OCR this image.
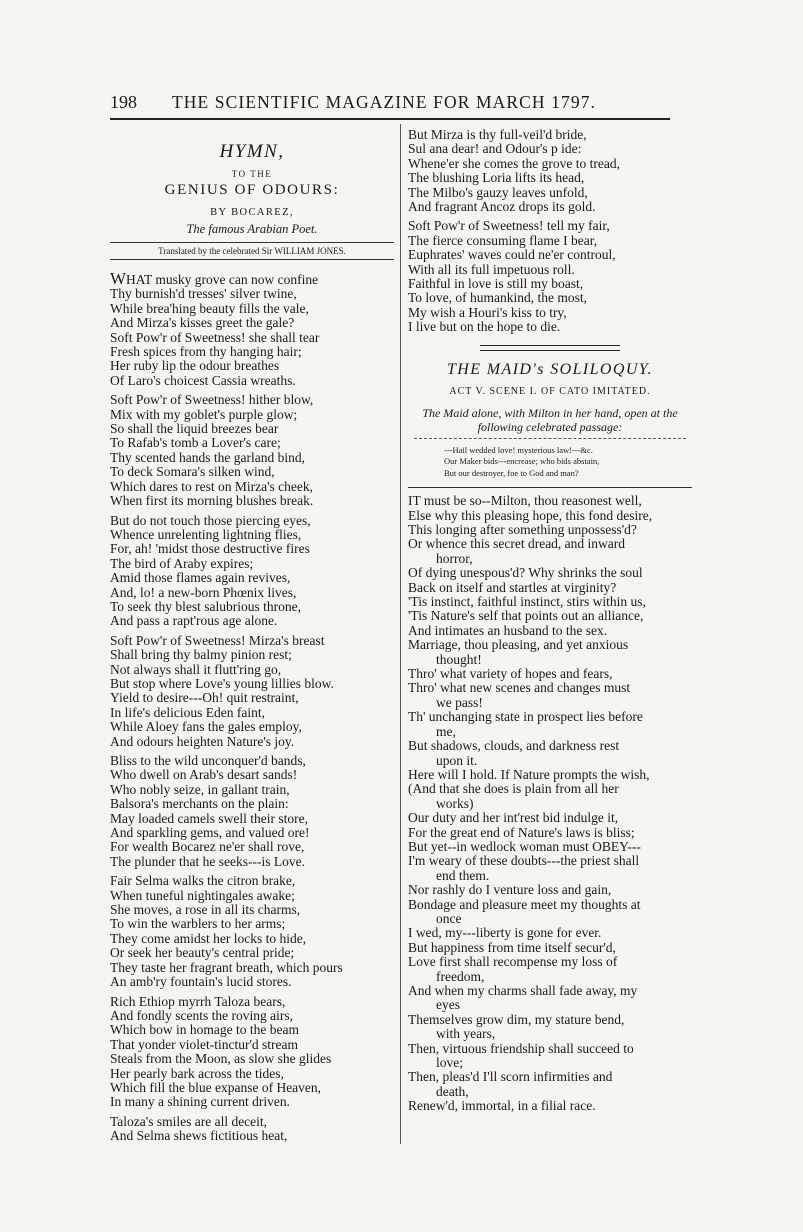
198 THE SCIENTIFIC MAGAZINE FOR MARCH 1797.
HYMN,
TO THE
GENIUS OF ODOURS:
BY BOCAREZ,
The famous Arabian Poet.
Translated by the celebrated Sir WILLIAM JONES.
WHAT musky grove can now confine
Thy burnish'd tresses' silver twine,
While brea'hing beauty fills the vale,
And Mirza's kisses greet the gale?
Soft Pow'r of Sweetness! she shall tear
Fresh spices from thy hanging hair;
Her ruby lip the odour breathes
Of Laro's choicest Cassia wreaths.
Soft Pow'r of Sweetness! hither blow,
Mix with my goblet's purple glow;
So shall the liquid breezes bear
To Rafab's tomb a Lover's care;
Thy scented hands the garland bind,
To deck Somara's silken wind,
Which dares to rest on Mirza's cheek,
When first its morning blushes break.
But do not touch those piercing eyes,
Whence unrelenting lightning flies,
For, ah! 'midst those destructive fires
The bird of Araby expires;
Amid those flames again revives,
And, lo! a new-born Phœnix lives,
To seek thy blest salubrious throne,
And pass a rapt'rous age alone.
Soft Pow'r of Sweetness! Mirza's breast
Shall bring thy balmy pinion rest;
Not always shall it flutt'ring go,
But stop where Love's young lillies blow.
Yield to desire---Oh! quit restraint,
In life's delicious Eden faint,
While Aloey fans the gales employ,
And odours heighten Nature's joy.
Bliss to the wild unconquer'd bands,
Who dwell on Arab's desart sands!
Who nobly seize, in gallant train,
Balsora's merchants on the plain:
May loaded camels swell their store,
And sparkling gems, and valued ore!
For wealth Bocarez ne'er shall rove,
The plunder that he seeks---is Love.
Fair Selma walks the citron brake,
When tuneful nightingales awake;
She moves, a rose in all its charms,
To win the warblers to her arms;
They come amidst her locks to hide,
Or seek her beauty's central pride;
They taste her fragrant breath, which pours
An amb'ry fountain's lucid stores.
Rich Ethiop myrrh Taloza bears,
And fondly scents the roving airs,
Which bow in homage to the beam
That yonder violet-tinctur'd stream
Steals from the Moon, as slow she glides
Her pearly bark across the tides,
Which fill the blue expanse of Heaven,
In many a shining current driven.
Taloza's smiles are all deceit,
And Selma shews fictitious heat,
But Mirza is thy full-veil'd bride,
Sul ana dear! and Odour's p ide:
Whene'er she comes the grove to tread,
The blushing Loria lifts its head,
The Milbo's gauzy leaves unfold,
And fragrant Ancoz drops its gold.
Soft Pow'r of Sweetness! tell my fair,
The fierce consuming flame I bear,
Euphrates' waves could ne'er controul,
With all its full impetuous roll.
Faithful in love is still my boast,
To love, of humankind, the most,
My wish a Houri's kiss to try,
I live but on the hope to die.
THE MAID's SOLILOQUY.
ACT V. SCENE I. OF CATO IMITATED.
The Maid alone, with Milton in her hand, open at the following celebrated passage:
---Hail wedded love! mysterious law!---&c.
Our Maker bids---encrease; who bids abstain,
But our destroyer, foe to God and man?
IT must be so--Milton, thou reasonest well,
Else why this pleasing hope, this fond desire,
This longing after something unpossess'd?
Or whence this secret dread, and inward
horror,
Of dying unespous'd? Why shrinks the soul
Back on itself and startles at virginity?
'Tis instinct, faithful instinct, stirs within us,
'Tis Nature's self that points out an alliance,
And intimates an husband to the sex.
Marriage, thou pleasing, and yet anxious
thought!
Thro' what variety of hopes and fears,
Thro' what new scenes and changes must
we pass!
Th' unchanging state in prospect lies before
me,
But shadows, clouds, and darkness rest
upon it.
Here will I hold. If Nature prompts the wish,
(And that she does is plain from all her
works)
Our duty and her int'rest bid indulge it,
For the great end of Nature's laws is bliss;
But yet--in wedlock woman must OBEY---
I'm weary of these doubts---the priest shall
end them.
Nor rashly do I venture loss and gain,
Bondage and pleasure meet my thoughts at
once
I wed, my---liberty is gone for ever.
But happiness from time itself secur'd,
Love first shall recompense my loss of
freedom,
And when my charms shall fade away, my
eyes
Themselves grow dim, my stature bend,
with years,
Then, virtuous friendship shall succeed to
love;
Then, pleas'd I'll scorn infirmities and
death,
Renew'd, immortal, in a filial race.
